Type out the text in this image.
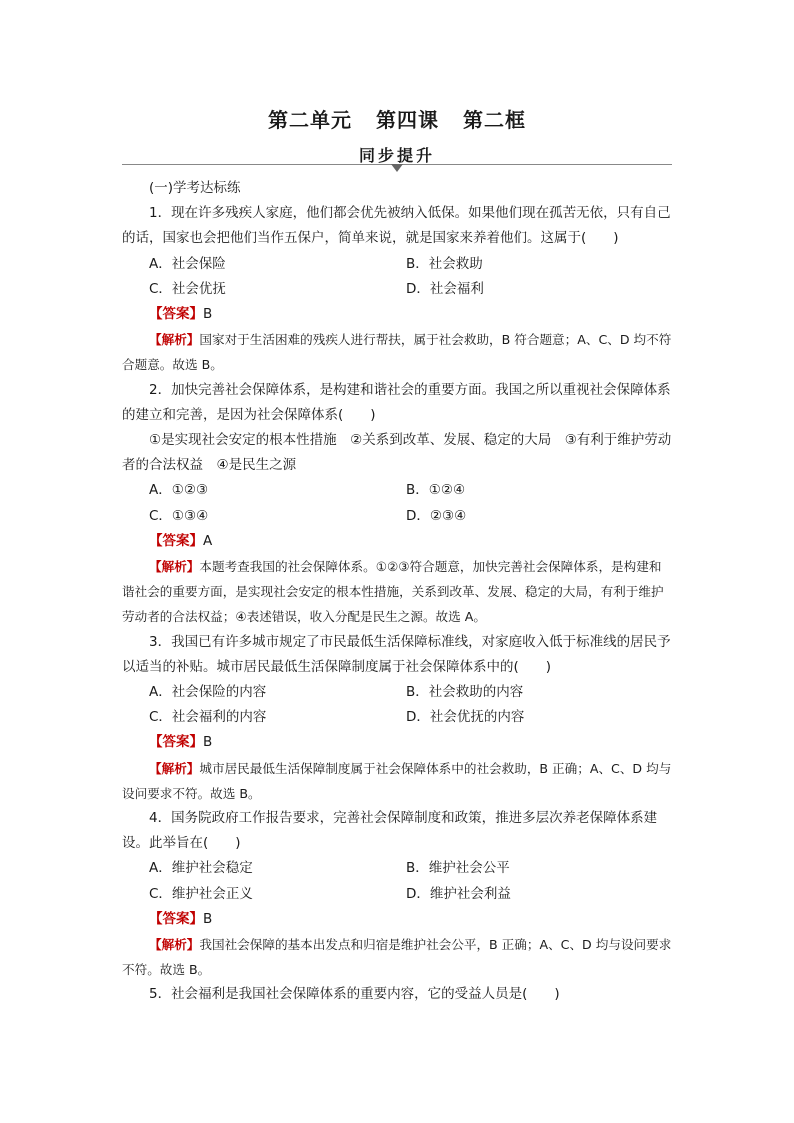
第二单元 第四课 第二框
同步提升
(一)学考达标练
1．现在许多残疾人家庭，他们都会优先被纳入低保。如果他们现在孤苦无依，只有自己的话，国家也会把他们当作五保户，简单来说，就是国家来养着他们。这属于(　　)
A．社会保险	B．社会救助
C．社会优抚	D．社会福利
【答案】B
【解析】国家对于生活困难的残疾人进行帮扶，属于社会救助，B 符合题意；A、C、D 均不符合题意。故选 B。
2．加快完善社会保障体系，是构建和谐社会的重要方面。我国之所以重视社会保障体系的建立和完善，是因为社会保障体系(　　)
①是实现社会安定的根本性措施　②关系到改革、发展、稳定的大局　③有利于维护劳动者的合法权益　④是民生之源
A．①②③	B．①②④
C．①③④	D．②③④
【答案】A
【解析】本题考查我国的社会保障体系。①②③符合题意，加快完善社会保障体系，是构建和谐社会的重要方面，是实现社会安定的根本性措施，关系到改革、发展、稳定的大局，有利于维护劳动者的合法权益；④表述错误，收入分配是民生之源。故选 A。
3．我国已有许多城市规定了市民最低生活保障标准线，对家庭收入低于标准线的居民予以适当的补贴。城市居民最低生活保障制度属于社会保障体系中的(　　)
A．社会保险的内容	B．社会救助的内容
C．社会福利的内容	D．社会优抚的内容
【答案】B
【解析】城市居民最低生活保障制度属于社会保障体系中的社会救助，B 正确；A、C、D 均与设问要求不符。故选 B。
4．国务院政府工作报告要求，完善社会保障制度和政策，推进多层次养老保障体系建设。此举旨在(　　)
A．维护社会稳定	B．维护社会公平
C．维护社会正义	D．维护社会利益
【答案】B
【解析】我国社会保障的基本出发点和归宿是维护社会公平，B 正确；A、C、D 均与设问要求不符。故选 B。
5．社会福利是我国社会保障体系的重要内容，它的受益人员是(　　)
